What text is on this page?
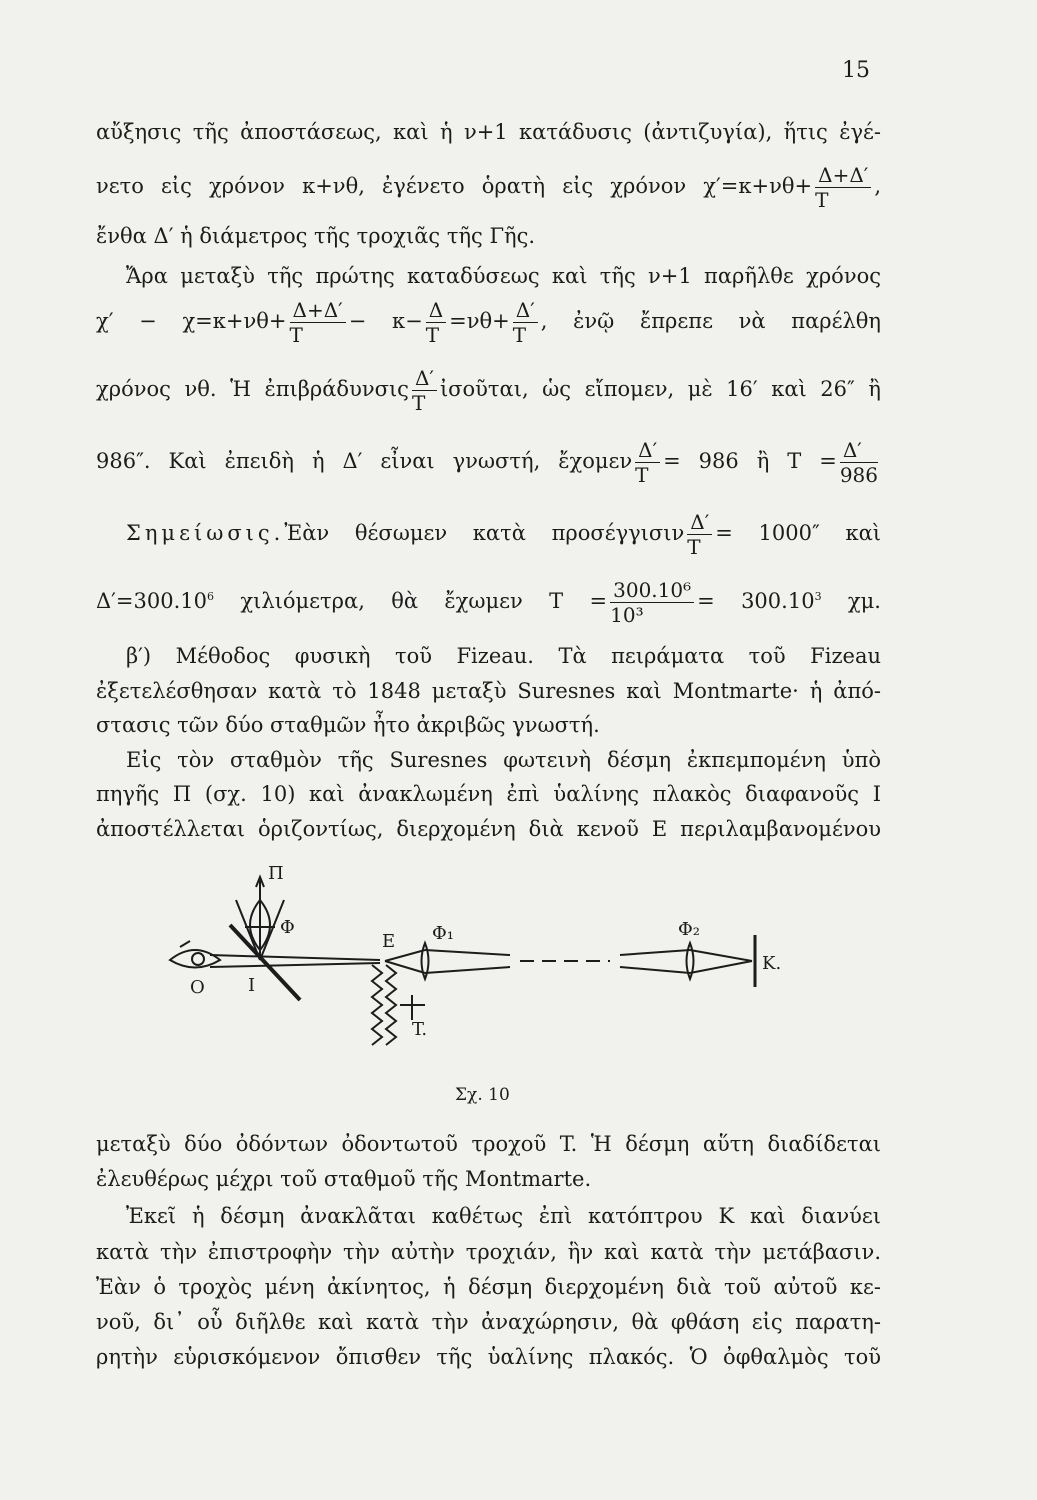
15
αὔξησις τῆς ἀποστάσεως, καὶ ἡ ν+1 κατάδυσις (ἀντιζυγία), ἥτις ἐγέ-
νετο εἰς χρόνον κ+νθ, ἐγένετο ὁρατὴ εἰς χρόνον $\chi'=\kappa+\nu\theta+ \frac{\Delta+\Delta'}{T}$ ,
ἔνθα Δ′ ἡ διάμετρος τῆς τροχιᾶς τῆς Γῆς.
Ἄρα μεταξὺ τῆς πρώτης καταδύσεως καὶ τῆς ν+1 παρῆλθε χρόνος
$\chi' - \chi=\kappa+\nu\theta+ \frac{\Delta+\Delta'}{T} - \kappa- \frac{\Delta}{T} =\nu\theta+ \frac{\Delta'}{T}$ , ἐνῷ ἔπρεπε νὰ παρέλθη
χρόνος νθ. Ἡ ἐπιβράδυνσις $\frac{\Delta'}{T}$ ἰσοῦται, ὡς εἴπομεν, μὲ 16′ καὶ 26″ ἢ
986″. Καὶ ἐπειδὴ ἡ Δ′ εἶναι γνωστή, ἔχομεν $\frac{\Delta'}{T} = 986$ ἢ $T = \frac{\Delta'}{986}$
Σημείωσις.Ἐὰν θέσωμεν κατὰ προσέγγισιν $\frac{\Delta'}{T} = 1000''$ καὶ
$\Delta'=300.10^6$ χιλιόμετρα, θὰ ἔχωμεν $T = \frac{\text{300.10⁶}}{\text{10³}} = 300.10^3$ χμ.
β′) Μέθοδος φυσικὴ τοῦ Fizeau. Τὰ πειράματα τοῦ Fizeau
ἐξετελέσθησαν κατὰ τὸ 1848 μεταξὺ Suresnes καὶ Montmarte· ἡ ἀπό-
στασις τῶν δύο σταθμῶν ἦτο ἀκριβῶς γνωστή.
Εἰς τὸν σταθμὸν τῆς Suresnes φωτεινὴ δέσμη ἐκπεμπομένη ὑπὸ
πηγῆς Π (σχ. 10) καὶ ἀνακλωμένη ἐπὶ ὑαλίνης πλακὸς διαφανοῦς I
ἀποστέλλεται ὁριζοντίως, διερχομένη διὰ κενοῦ E περιλαμβανομένου
Π
Φ
E Φ₁	Φ₂
K.
O I
T.
Σχ. 10
μεταξὺ δύο ὀδόντων ὀδοντωτοῦ τροχοῦ T. Ἡ δέσμη αὕτη διαδίδεται
ἐλευθέρως μέχρι τοῦ σταθμοῦ τῆς Montmarte.
Ἐκεῖ ἡ δέσμη ἀνακλᾶται καθέτως ἐπὶ κατόπτρου K καὶ διανύει
κατὰ τὴν ἐπιστροφὴν τὴν αὐτὴν τροχιάν, ἣν καὶ κατὰ τὴν μετάβασιν.
Ἐὰν ὁ τροχὸς μένη ἀκίνητος, ἡ δέσμη διερχομένη διὰ τοῦ αὐτοῦ κε-
νοῦ, δι᾿ οὗ διῆλθε καὶ κατὰ τὴν ἀναχώρησιν, θὰ φθάση εἰς παρατη-
ρητὴν εὑρισκόμενον ὄπισθεν τῆς ὑαλίνης πλακός. Ὁ ὀφθαλμὸς τοῦ
